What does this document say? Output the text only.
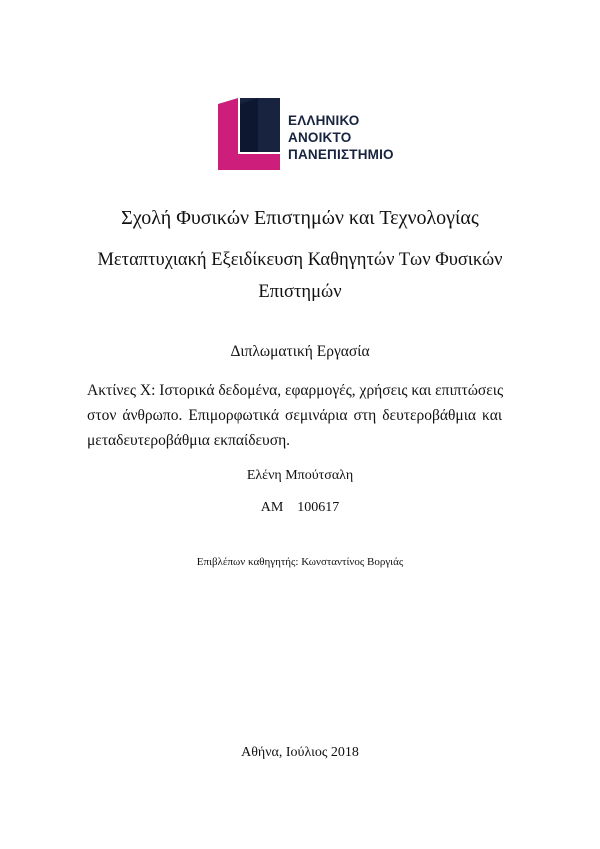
ΕΛΛΗΝΙΚΟ
ΑΝΟΙΚΤΟ
ΠΑΝΕΠΙΣΤΗΜΙΟ
Σχολή Φυσικών Επιστημών και Τεχνολογίας
Μεταπτυχιακή Εξειδίκευση Καθηγητών Των Φυσικών
Επιστημών
Διπλωματική Εργασία
Ακτίνες Χ: Ιστορικά δεδομένα, εφαρμογές, χρήσεις και επιπτώσεις
στον άνθρωπο. Επιμορφωτικά σεμινάρια στη δευτεροβάθμια και
μεταδευτεροβάθμια εκπαίδευση.
Ελένη Μπούτσαλη
ΑΜ 100617
Επιβλέπων καθηγητής: Κωνσταντίνος Βοργιάς
Αθήνα, Ιούλιος 2018
